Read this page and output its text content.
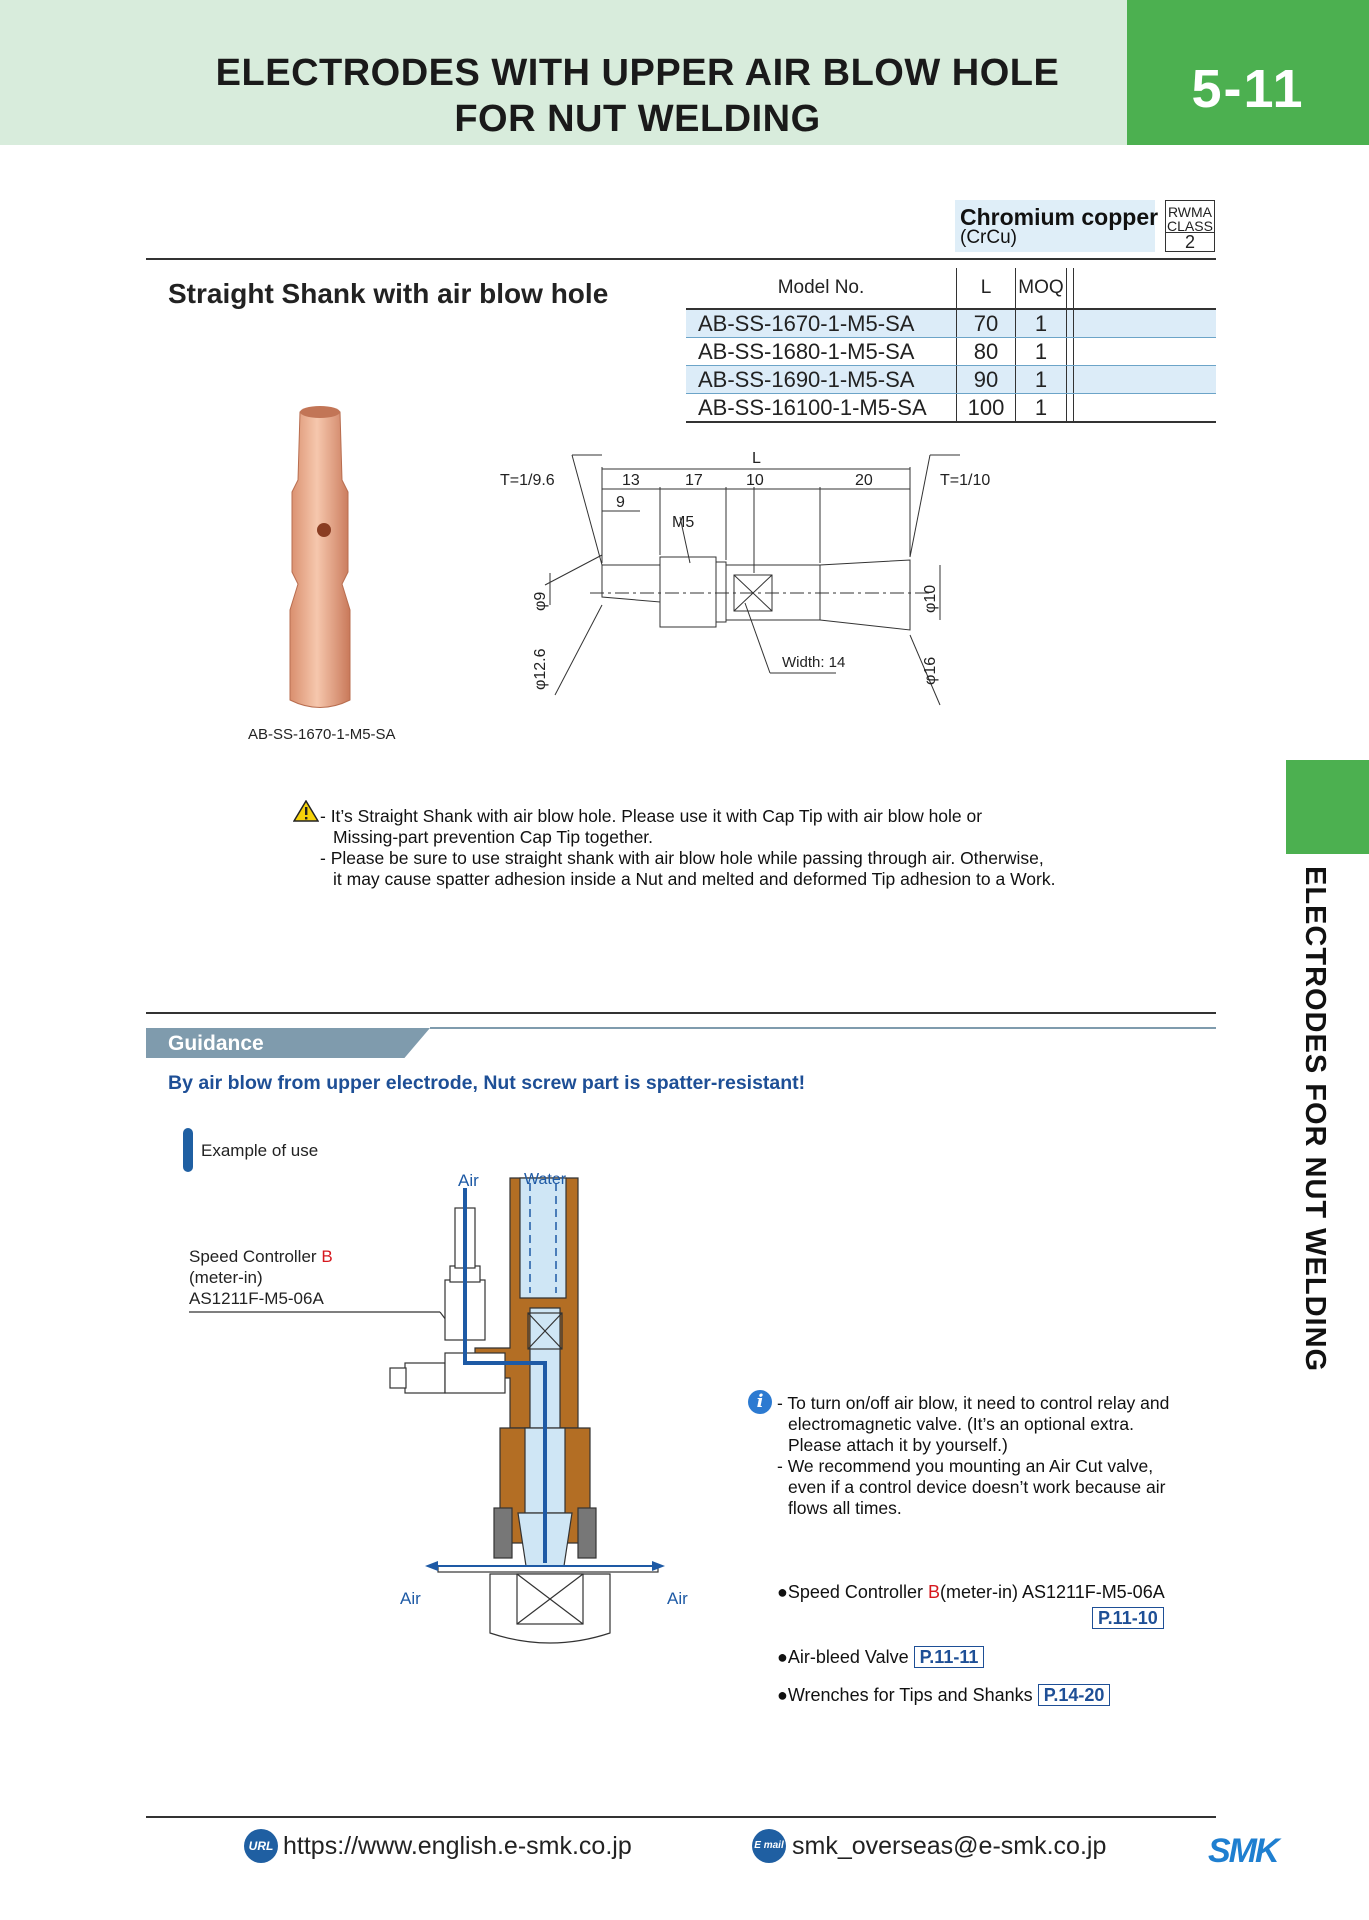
ELECTRODES WITH UPPER AIR BLOW HOLE
FOR NUT WELDING	5-11
Chromium copper
(CrCu)
RWMA
CLASS
2
Straight Shank with air blow hole	Model No.	L	MOQ		
AB-SS-1670-1-M5-SA	70	1		
AB-SS-1680-1-M5-SA	80	1		
AB-SS-1690-1-M5-SA	90	1		
AB-SS-16100-1-M5-SA	100	1		
AB-SS-1670-1-M5-SA
L
T=1/9.6	T=1/10
13	17	10	20
9
M5
φ9
φ12.6
φ10
φ16
Width: 14
- It’s Straight Shank with air blow hole. Please use it with Cap Tip with air blow hole or
Missing-part prevention Cap Tip together.
- Please be sure to use straight shank with air blow hole while passing through air. Otherwise,
it may cause spatter adhesion inside a Nut and melted and deformed Tip adhesion to a Work.
Guidance
By air blow from upper electrode, Nut screw part is spatter-resistant!
Example of use
Speed Controller B
(meter-in)
AS1211F-M5-06A
Air	Water
Air	Air
i - To turn on/off air blow, it need to control relay and
electromagnetic valve. (It’s an optional extra.
Please attach it by yourself.)
- We recommend you mounting an Air Cut valve,
even if a control device doesn’t work because air
flows all times.
●Speed Controller B(meter-in) AS1211F-M5-06A
P.11-10
●Air-bleed Valve P.11-11
●Wrenches for Tips and Shanks P.14-20
ELECTRODES FOR NUT WELDING
URL https://www.english.e-smk.co.jp	E mail smk_overseas@e-smk.co.jp	SMK
